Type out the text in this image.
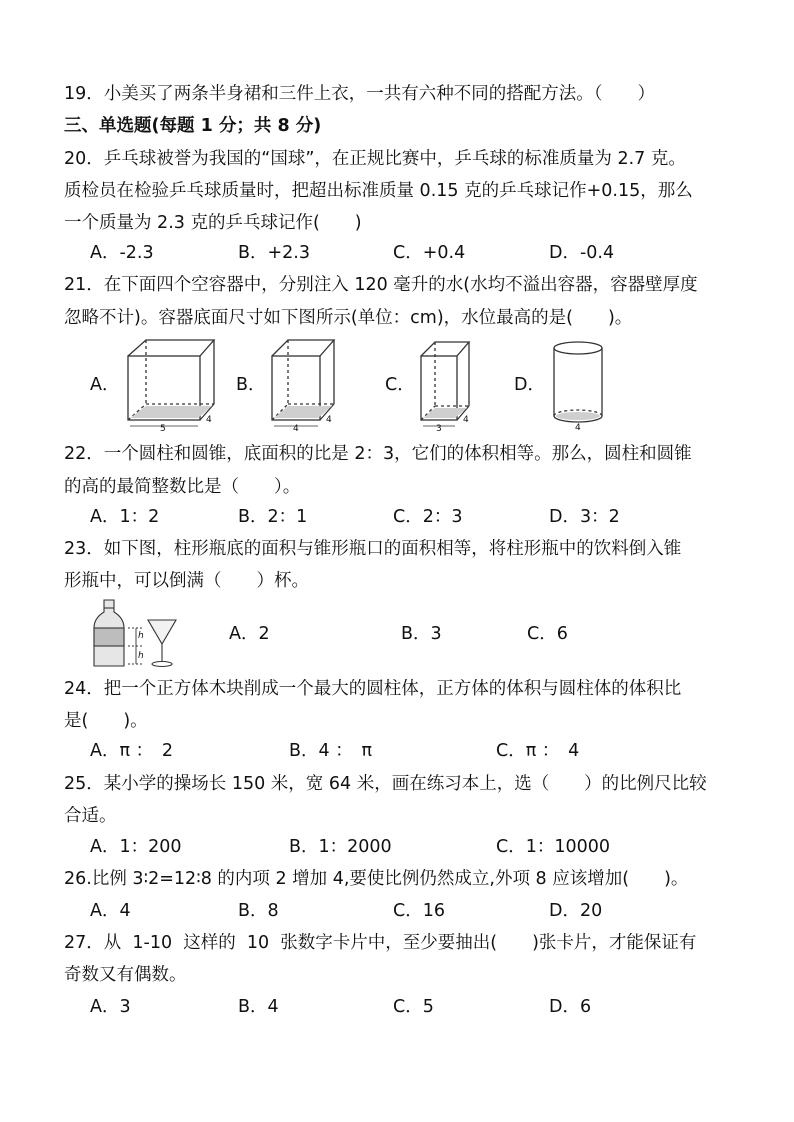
19．小美买了两条半身裙和三件上衣，一共有六种不同的搭配方法。（　　）
三、单选题(每题 1 分；共 8 分)
20．乒乓球被誉为我国的“国球”，在正规比赛中，乒乓球的标准质量为 2.7 克。
质检员在检验乒乓球质量时，把超出标准质量 0.15 克的乒乓球记作+0.15，那么
一个质量为 2.3 克的乒乓球记作(　　)
A．-2.3	B．+2.3	C．+0.4	D．-0.4
21．在下面四个空容器中，分别注入 120 毫升的水(水均不溢出容器，容器壁厚度
忽略不计)。容器底面尺寸如下图所示(单位：cm)，水位最高的是(　　)。
A．	B．	C．	D．
5
4
4
4
3
4
4
22．一个圆柱和圆锥，底面积的比是 2：3，它们的体积相等。那么，圆柱和圆锥
的高的最简整数比是（　　）。
A．1：2	B．2：1	C．2：3	D．3：2
23．如下图，柱形瓶底的面积与锥形瓶口的面积相等，将柱形瓶中的饮料倒入锥
形瓶中，可以倒满（　　）杯。
h
h
A．2	B．3	C．6
24．把一个正方体木块削成一个最大的圆柱体，正方体的体积与圆柱体的体积比
是(　　)。
A．π ：　2	B．4 ：　π	C．π ：　4
25．某小学的操场长 150 米，宽 64 米，画在练习本上，选（　　）的比例尺比较
合适。
A．1：200	B．1：2000	C．1：10000
26.比例 3∶2=12∶8 的内项 2 增加 4,要使比例仍然成立,外项 8 应该增加(　　)。
A．4	B．8	C．16	D．20
27．从  1-10  这样的  10  张数字卡片中，至少要抽出(　　)张卡片，才能保证有
奇数又有偶数。
A．3	B．4	C．5	D．6
